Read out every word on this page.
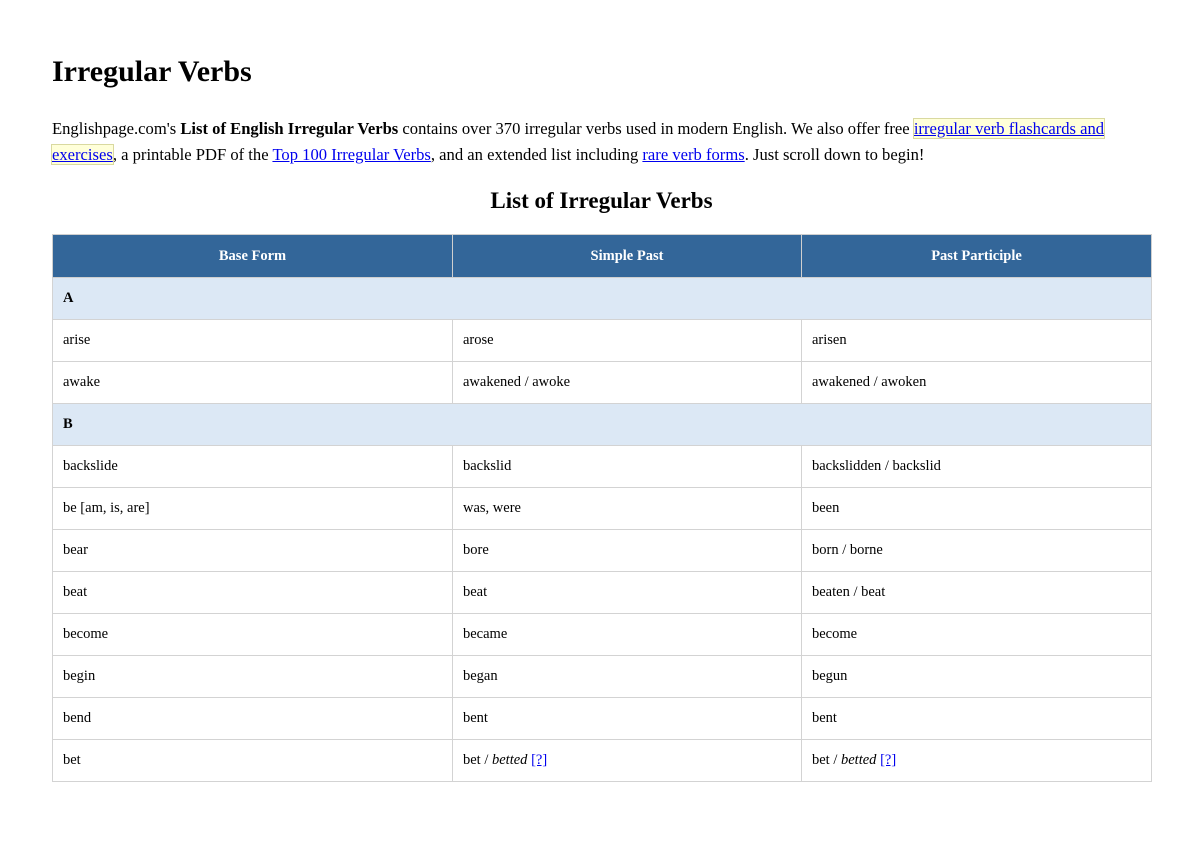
Irregular Verbs

Englishpage.com's List of English Irregular Verbs contains over 370 irregular verbs used in modern English. We also offer free irregular verb flashcards and exercises, a printable PDF of the Top 100 Irregular Verbs, and an extended list including rare verb forms. Just scroll down to begin!

List of Irregular Verbs
Base Form	Simple Past	Past Participle
A		
arise	arose	arisen
awake	awakened / awoke	awakened / awoken
B		
backslide	backslid	backslidden / backslid
be [am, is, are]	was, were	been
bear	bore	born / borne
beat	beat	beaten / beat
become	became	become
begin	began	begun
bend	bent	bent
bet	bet / betted [?]	bet / betted [?]
